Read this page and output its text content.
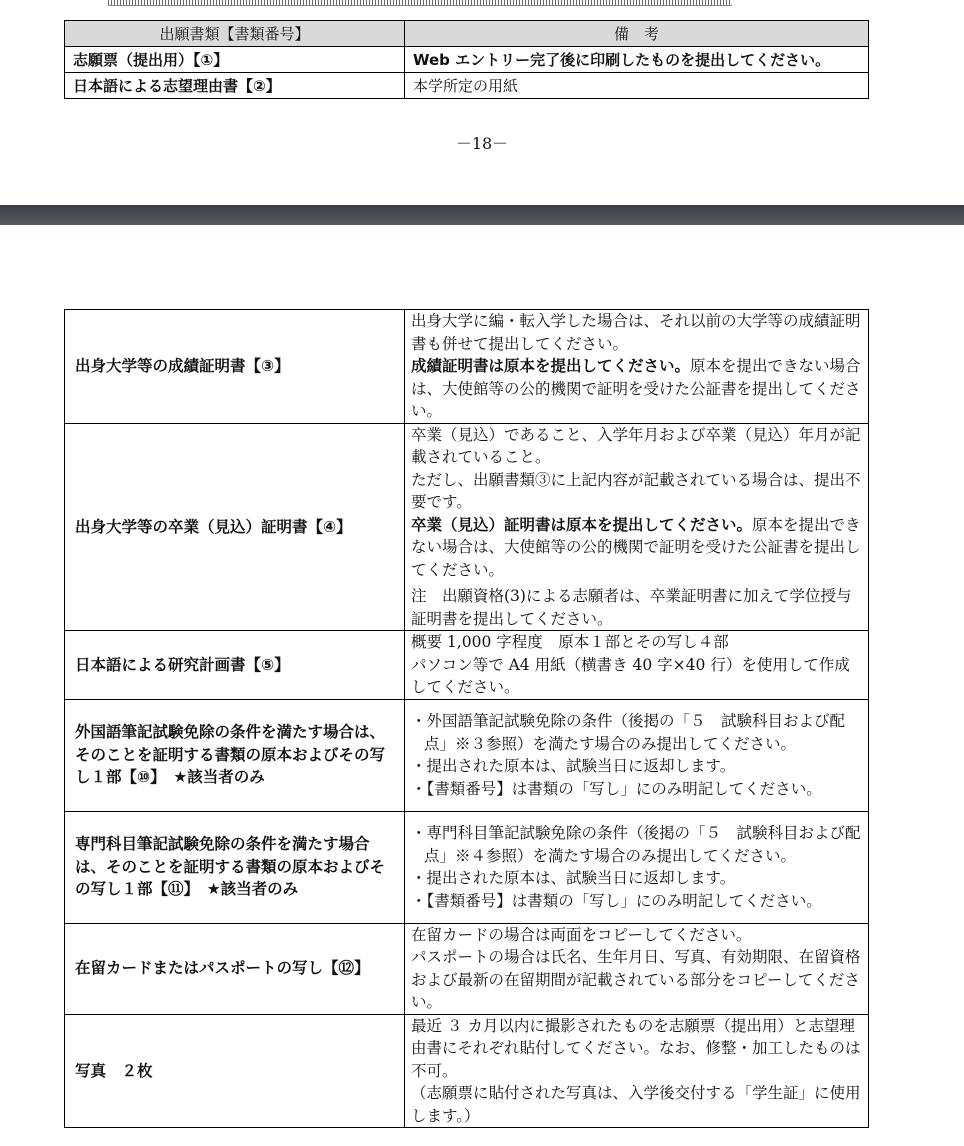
出願書類【書類番号】	備　考
志願票（提出用）【①】	Web エントリー完了後に印刷したものを提出してください。
日本語による志望理由書【②】	本学所定の用紙
－18－
出身大学等の成績証明書【③】	出身大学に編・転入学した場合は、それ以前の大学等の成績証明書も併せて提出してください。
成績証明書は原本を提出してください。原本を提出できない場合は、大使館等の公的機関で証明を受けた公証書を提出してください。

出身大学等の卒業（見込）証明書【④】	卒業（見込）であること、入学年月および卒業（見込）年月が記載されていること。
ただし、出願書類③に上記内容が記載されている場合は、提出不要です。
卒業（見込）証明書は原本を提出してください。原本を提出できない場合は、大使館等の公的機関で証明を受けた公証書を提出してください。
注　出願資格(3)による志願者は、卒業証明書に加えて学位授与証明書を提出してください。

日本語による研究計画書【⑤】	概要 1,000 字程度　原本１部とその写し４部
パソコン等で A4 用紙（横書き 40 字×40 行）を使用して作成してください。

外国語筆記試験免除の条件を満たす場合は、そのことを証明する書類の原本およびその写し１部【⑩】　★該当者のみ	・外国語筆記試験免除の条件（後掲の「５　試験科目および配点」※３参照）を満たす場合のみ提出してください。
・提出された原本は、試験当日に返却します。
・【書類番号】は書類の「写し」にのみ明記してください。

専門科目筆記試験免除の条件を満たす場合は、そのことを証明する書類の原本およびその写し１部【⑪】　★該当者のみ	・専門科目筆記試験免除の条件（後掲の「５　試験科目および配点」※４参照）を満たす場合のみ提出してください。
・提出された原本は、試験当日に返却します。
・【書類番号】は書類の「写し」にのみ明記してください。

在留カードまたはパスポートの写し【⑫】	在留カードの場合は両面をコピーしてください。
パスポートの場合は氏名、生年月日、写真、有効期限、在留資格および最新の在留期間が記載されている部分をコピーしてください。

写真　２枚	最近 ３ カ月以内に撮影されたものを志願票（提出用）と志望理由書にそれぞれ貼付してください。なお、修整・加工したものは不可。
（志願票に貼付された写真は、入学後交付する「学生証」に使用します。）
